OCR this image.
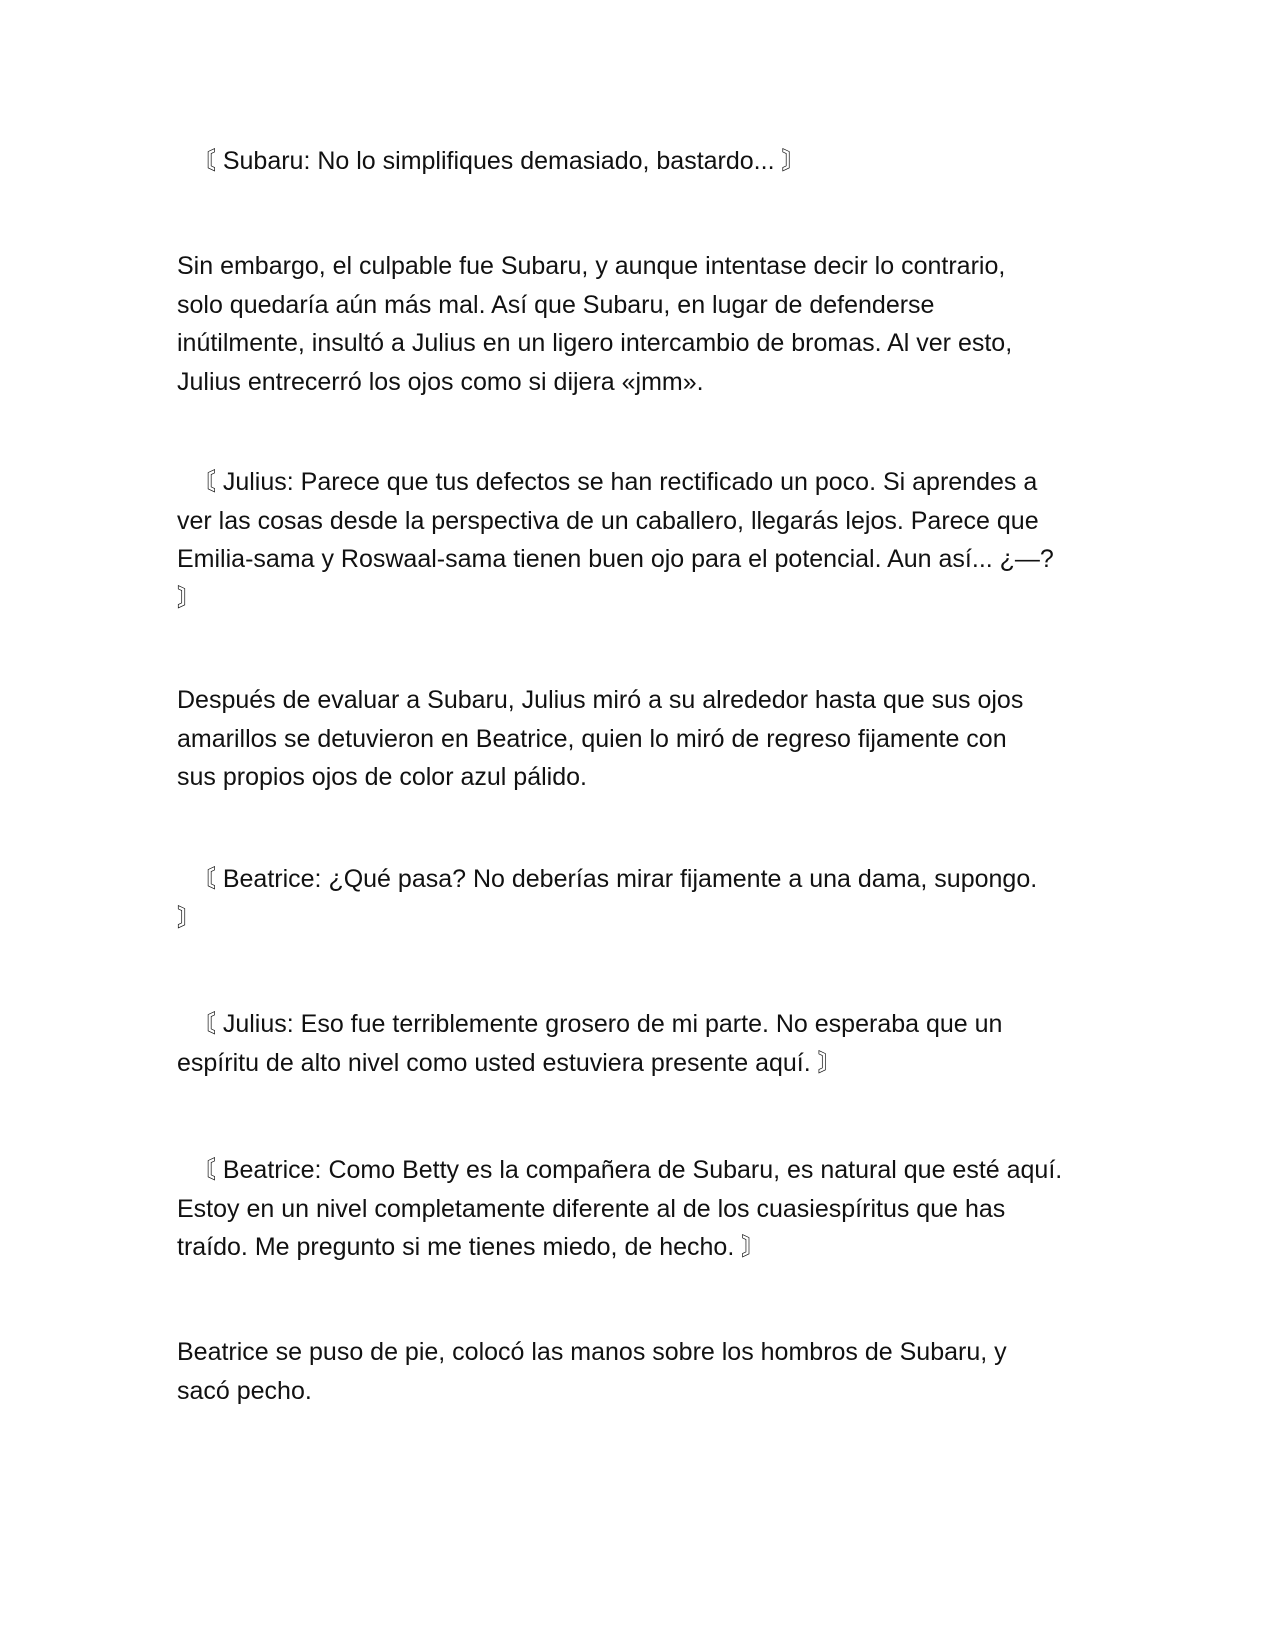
〘 Subaru: No lo simplifiques demasiado, bastardo... 〙

Sin embargo, el culpable fue Subaru, y aunque intentase decir lo contrario,
solo quedaría aún más mal. Así que Subaru, en lugar de defenderse
inútilmente, insultó a Julius en un ligero intercambio de bromas. Al ver esto,
Julius entrecerró los ojos como si dijera «jmm».

〘 Julius: Parece que tus defectos se han rectificado un poco. Si aprendes a
ver las cosas desde la perspectiva de un caballero, llegarás lejos. Parece que
Emilia-sama y Roswaal-sama tienen buen ojo para el potencial. Aun así... ¿—?
〙

Después de evaluar a Subaru, Julius miró a su alrededor hasta que sus ojos
amarillos se detuvieron en Beatrice, quien lo miró de regreso fijamente con
sus propios ojos de color azul pálido.

〘 Beatrice: ¿Qué pasa? No deberías mirar fijamente a una dama, supongo.
〙

〘 Julius: Eso fue terriblemente grosero de mi parte. No esperaba que un
espíritu de alto nivel como usted estuviera presente aquí. 〙

〘 Beatrice: Como Betty es la compañera de Subaru, es natural que esté aquí.
Estoy en un nivel completamente diferente al de los cuasiespíritus que has
traído. Me pregunto si me tienes miedo, de hecho. 〙

Beatrice se puso de pie, colocó las manos sobre los hombros de Subaru, y
sacó pecho.
